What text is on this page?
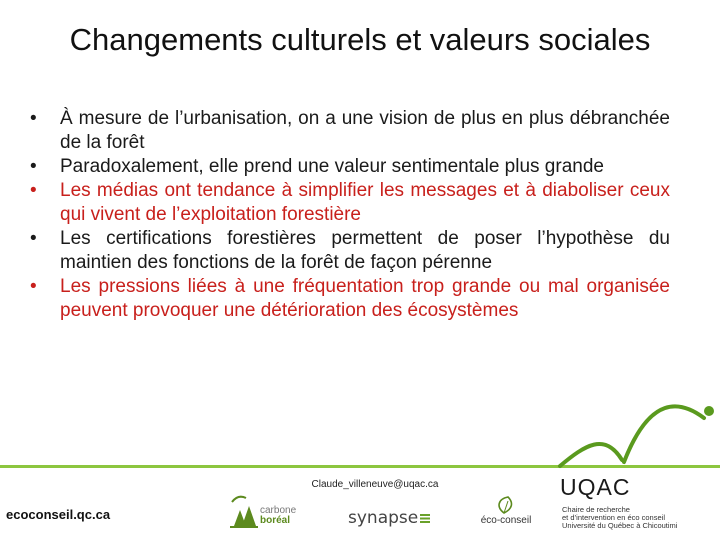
Changements culturels et valeurs sociales
•	À mesure de l’urbanisation, on a une vision de plus en plus débranchée de la forêt
•	Paradoxalement, elle prend une valeur sentimentale plus grande
•	Les médias ont tendance à simplifier les messages et à diaboliser ceux qui vivent de l’exploitation forestière
•	Les certifications forestières permettent de poser l’hypothèse du maintien des fonctions de la forêt de façon pérenne
•	Les pressions liées à une fréquentation trop grande ou mal organisée peuvent provoquer une détérioration des écosystèmes
Claude_villeneuve@uqac.ca
ecoconseil.qc.ca	carbone
boréal	synapse	éco-conseil
UQAC
Chaire de recherche
et d’intervention en éco conseil
Université du Québec à Chicoutimi
